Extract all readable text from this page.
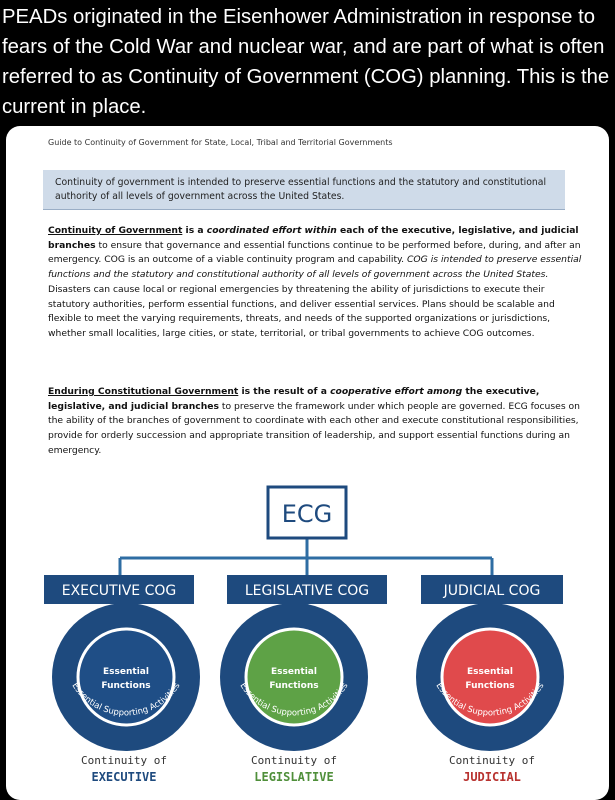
PEADs originated in the Eisenhower Administration in response to fears of the Cold War and nuclear war, and are part of what is often referred to as Continuity of Government (COG) planning. This is the current in place.

Guide to Continuity of Government for State, Local, Tribal and Territorial Governments
Continuity of government is intended to preserve essential functions and the statutory and constitutional authority of all levels of government across the United States.

Continuity of Government is a coordinated effort within each of the executive, legislative, and judicial branches to ensure that governance and essential functions continue to be performed before, during, and after an emergency. COG is an outcome of a viable continuity program and capability. COG is intended to preserve essential functions and the statutory and constitutional authority of all levels of government across the United States. Disasters can cause local or regional emergencies by threatening the ability of jurisdictions to execute their statutory authorities, perform essential functions, and deliver essential services. Plans should be scalable and flexible to meet the varying requirements, threats, and needs of the supported organizations or jurisdictions, whether small localities, large cities, or state, territorial, or tribal governments to achieve COG outcomes.

Enduring Constitutional Government is the result of a cooperative effort among the executive, legislative, and judicial branches to preserve the framework under which people are governed. ECG focuses on the ability of the branches of government to coordinate with each other and execute constitutional responsibilities, provide for orderly succession and appropriate transition of leadership, and support essential functions during an emergency.

ECG
EXECUTIVE COG	LEGISLATIVE COG	JUDICIAL COG
Essential
Functions
Essential Supporting Activities
Essential
Functions
Essential Supporting Activities
Essential
Functions
Essential Supporting Activities
Continuity of
EXECUTIVE
Continuity of
LEGISLATIVE
Continuity of
JUDICIAL
